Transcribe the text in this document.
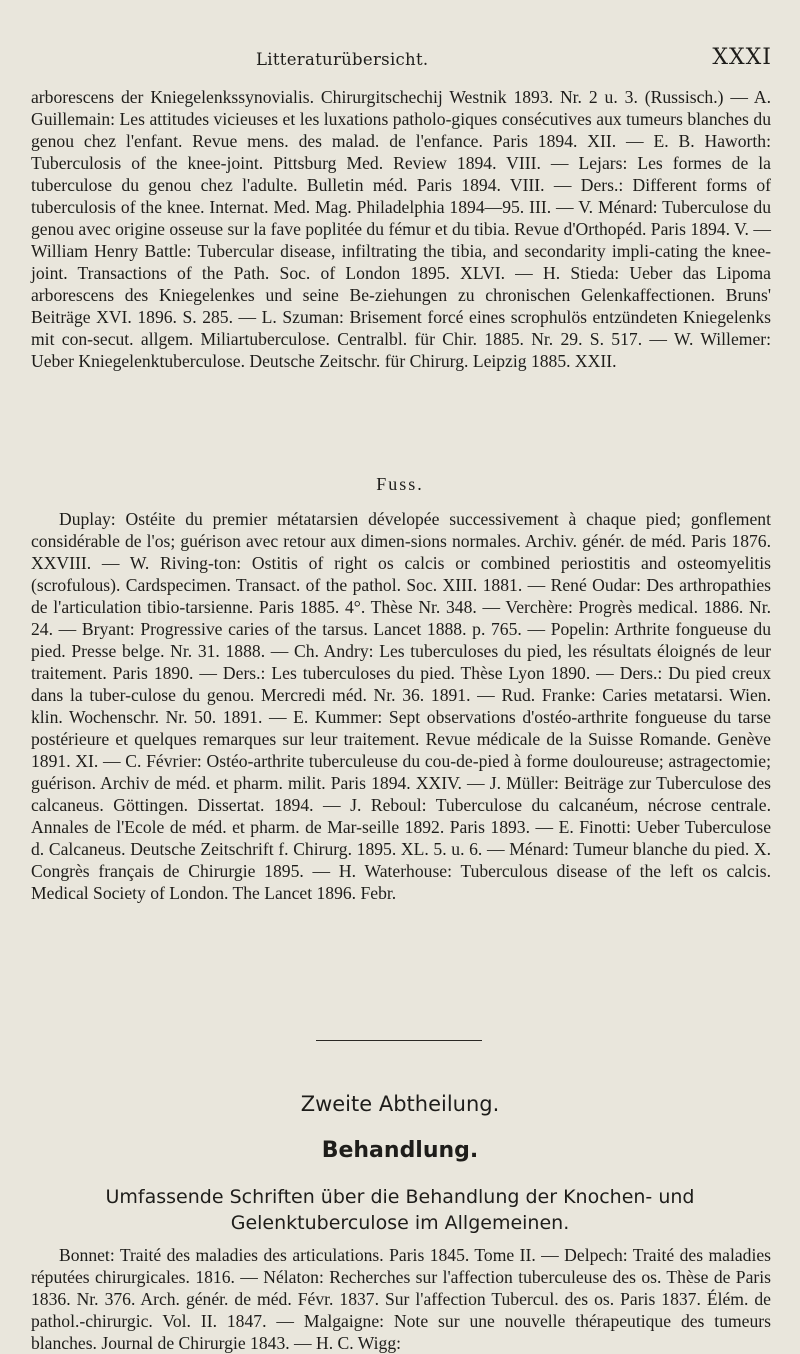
Litteraturübersicht.	XXXI

arborescens der Kniegelenkssynovialis. Chirurgitschechij Westnik 1893. Nr. 2 u. 3. (Russisch.) — A. Guillemain: Les attitudes vicieuses et les luxations patholo-giques consécutives aux tumeurs blanches du genou chez l'enfant. Revue mens. des malad. de l'enfance. Paris 1894. XII. — E. B. Haworth: Tuberculosis of the knee-joint. Pittsburg Med. Review 1894. VIII. — Lejars: Les formes de la tuberculose du genou chez l'adulte. Bulletin méd. Paris 1894. VIII. — Ders.: Different forms of tuberculosis of the knee. Internat. Med. Mag. Philadelphia 1894—95. III. — V. Ménard: Tuberculose du genou avec origine osseuse sur la fave poplitée du fémur et du tibia. Revue d'Orthopéd. Paris 1894. V. — William Henry Battle: Tubercular disease, infiltrating the tibia, and secondarity impli-cating the knee-joint. Transactions of the Path. Soc. of London 1895. XLVI. — H. Stieda: Ueber das Lipoma arborescens des Kniegelenkes und seine Be-ziehungen zu chronischen Gelenkaffectionen. Bruns' Beiträge XVI. 1896. S. 285. — L. Szuman: Brisement forcé eines scrophulös entzündeten Kniegelenks mit con-secut. allgem. Miliartuberculose. Centralbl. für Chir. 1885. Nr. 29. S. 517. — W. Willemer: Ueber Kniegelenktuberculose. Deutsche Zeitschr. für Chirurg. Leipzig 1885. XXII.

Fuss.

Duplay: Ostéite du premier métatarsien dévelopée successivement à chaque pied; gonflement considérable de l'os; guérison avec retour aux dimen-sions normales. Archiv. génér. de méd. Paris 1876. XXVIII. — W. Riving-ton: Ostitis of right os calcis or combined periostitis and osteomyelitis (scrofulous). Cardspecimen. Transact. of the pathol. Soc. XIII. 1881. — René Oudar: Des arthropathies de l'articulation tibio-tarsienne. Paris 1885. 4°. Thèse Nr. 348. — Verchère: Progrès medical. 1886. Nr. 24. — Bryant: Progressive caries of the tarsus. Lancet 1888. p. 765. — Popelin: Arthrite fongueuse du pied. Presse belge. Nr. 31. 1888. — Ch. Andry: Les tuberculoses du pied, les résultats éloignés de leur traitement. Paris 1890. — Ders.: Les tuberculoses du pied. Thèse Lyon 1890. — Ders.: Du pied creux dans la tuber-culose du genou. Mercredi méd. Nr. 36. 1891. — Rud. Franke: Caries metatarsi. Wien. klin. Wochenschr. Nr. 50. 1891. — E. Kummer: Sept observations d'ostéo-arthrite fongueuse du tarse postérieure et quelques remarques sur leur traitement. Revue médicale de la Suisse Romande. Genève 1891. XI. — C. Février: Ostéo-arthrite tuberculeuse du cou-de-pied à forme douloureuse; astragectomie; guérison. Archiv de méd. et pharm. milit. Paris 1894. XXIV. — J. Müller: Beiträge zur Tuberculose des calcaneus. Göttingen. Dissertat. 1894. — J. Reboul: Tuberculose du calcanéum, nécrose centrale. Annales de l'Ecole de méd. et pharm. de Mar-seille 1892. Paris 1893. — E. Finotti: Ueber Tuberculose d. Calcaneus. Deutsche Zeitschrift f. Chirurg. 1895. XL. 5. u. 6. — Ménard: Tumeur blanche du pied. X. Congrès français de Chirurgie 1895. — H. Waterhouse: Tuberculous disease of the left os calcis. Medical Society of London. The Lancet 1896. Febr.

Zweite Abtheilung.
Behandlung.
Umfassende Schriften über die Behandlung der Knochen- und Gelenktuberculose im Allgemeinen.

Bonnet: Traité des maladies des articulations. Paris 1845. Tome II. — Delpech: Traité des maladies réputées chirurgicales. 1816. — Nélaton: Recherches sur l'affection tuberculeuse des os. Thèse de Paris 1836. Nr. 376. Arch. génér. de méd. Févr. 1837. Sur l'affection Tubercul. des os. Paris 1837. Élém. de pathol.-chirurgic. Vol. II. 1847. — Malgaigne: Note sur une nouvelle thérapeutique des tumeurs blanches. Journal de Chirurgie 1843. — H. C. Wigg:
